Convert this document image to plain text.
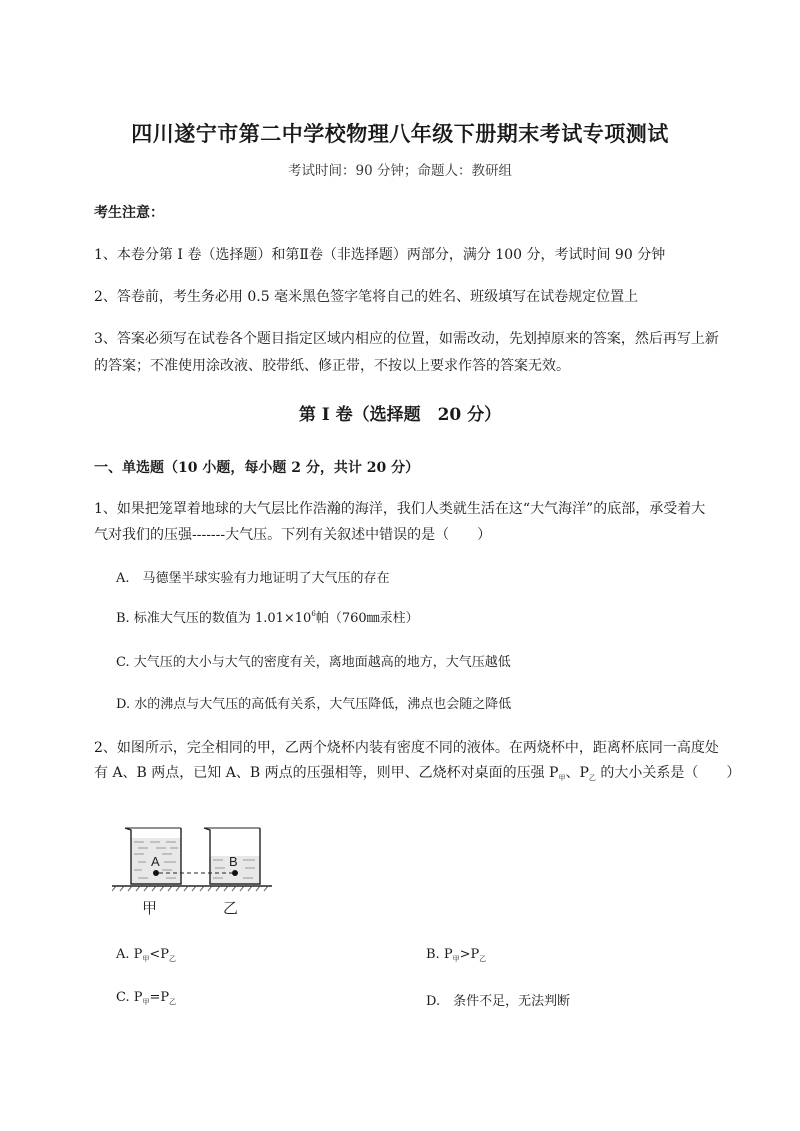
四川遂宁市第二中学校物理八年级下册期末考试专项测试
考试时间：90 分钟；命题人：教研组
考生注意：
1、本卷分第 I 卷（选择题）和第Ⅱ卷（非选择题）两部分，满分 100 分，考试时间 90 分钟
2、答卷前，考生务必用 0.5 毫米黑色签字笔将自己的姓名、班级填写在试卷规定位置上
3、答案必须写在试卷各个题目指定区域内相应的位置，如需改动，先划掉原来的答案，然后再写上新
的答案；不准使用涂改液、胶带纸、修正带，不按以上要求作答的答案无效。
第 I 卷（选择题　20 分）
一、单选题（10 小题，每小题 2 分，共计 20 分）
1、如果把笼罩着地球的大气层比作浩瀚的海洋，我们人类就生活在这“大气海洋”的底部，承受着大
气对我们的压强-------大气压。下列有关叙述中错误的是（　　）
A.　马德堡半球实验有力地证明了大气压的存在
B. 标准大气压的数值为 $1.01\times 10^6$帕（760㎜汞柱）
C. 大气压的大小与大气的密度有关，离地面越高的地方，大气压越低
D. 水的沸点与大气压的高低有关系，大气压降低，沸点也会随之降低
2、如图所示，完全相同的甲，乙两个烧杯内装有密度不同的液体。在两烧杯中，距离杯底同一高度处
有 A、B 两点，已知 A、B 两点的压强相等，则甲、乙烧杯对桌面的压强 $P_甲$、$P_乙$ 的大小关系是（　　）
A	B
甲	乙
A. $P_甲<P_乙$	B. $P_甲>P_乙$
C. $P_甲=P_乙$	D.　条件不足，无法判断
